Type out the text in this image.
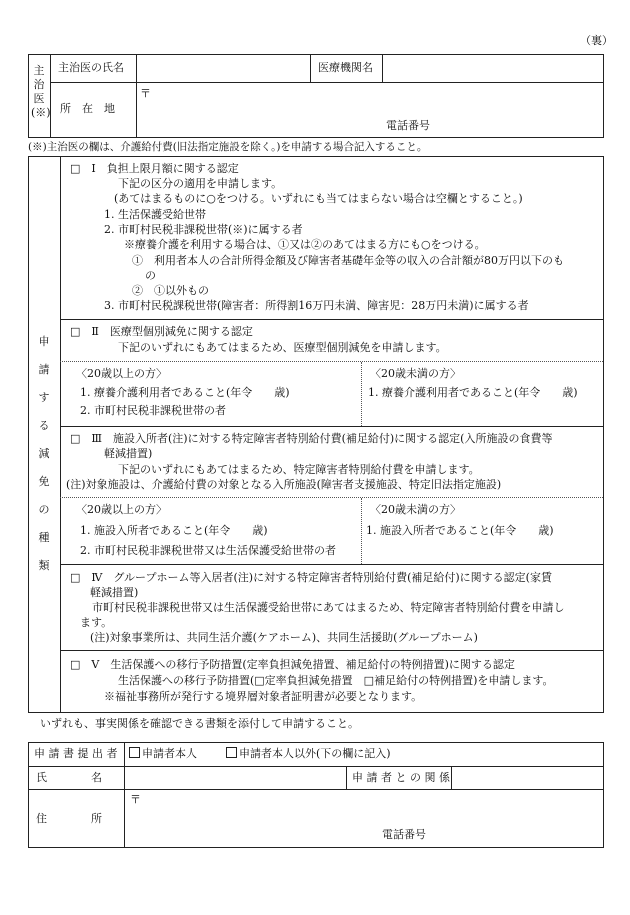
（裏）
主治医(※)
主治医の氏名	医療機関名
所　在　地
〒
電話番号
(※)主治医の欄は、介護給付費(旧法指定施設を除く。)を申請する場合記入すること。
申請する減免の種類
□　Ⅰ　負担上限月額に関する認定
下記の区分の適用を申請します。
(あてはまるものに○をつける。いずれにも当てはまらない場合は空欄とすること。)
1. 生活保護受給世帯
2. 市町村民税非課税世帯(※)に属する者
※療養介護を利用する場合は、①又は②のあてはまる方にも○をつける。
①　利用者本人の合計所得金額及び障害者基礎年金等の収入の合計額が80万円以下のも
の
②　①以外もの
3. 市町村民税課税世帯(障害者：所得割16万円未満、障害児：28万円未満)に属する者
□　Ⅱ　医療型個別減免に関する認定
下記のいずれにもあてはまるため、医療型個別減免を申請します。
〈20歳以上の方〉
1. 療養介護利用者であること(年令　　歳)
2. 市町村民税非課税世帯の者
〈20歳未満の方〉
1. 療養介護利用者であること(年令　　歳)
□　Ⅲ　施設入所者(注)に対する特定障害者特別給付費(補足給付)に関する認定(入所施設の食費等
軽減措置)
下記のいずれにもあてはまるため、特定障害者特別給付費を申請します。
(注)対象施設は、介護給付費の対象となる入所施設(障害者支援施設、特定旧法指定施設)
〈20歳以上の方〉
1. 施設入所者であること(年令　　歳)
2. 市町村民税非課税世帯又は生活保護受給世帯の者
〈20歳未満の方〉
1. 施設入所者であること(年令　　歳)
□　Ⅳ　グループホーム等入居者(注)に対する特定障害者特別給付費(補足給付)に関する認定(家賃
軽減措置)
市町村民税非課税世帯又は生活保護受給世帯にあてはまるため、特定障害者特別給付費を申請し
ます。
(注)対象事業所は、共同生活介護(ケアホーム)、共同生活援助(グループホーム)
□　Ⅴ　生活保護への移行予防措置(定率負担減免措置、補足給付の特例措置)に関する認定
生活保護への移行予防措置(□定率負担減免措置　□補足給付の特例措置)を申請します。
※福祉事務所が発行する境界層対象者証明書が必要となります。
いずれも、事実関係を確認できる書類を添付して申請すること。
申 請 書 提 出 者	申請者本人	申請者本人以外(下の欄に記入)
氏　　　　名	申 請 者 と の 関 係
住　　　　所
〒
電話番号
